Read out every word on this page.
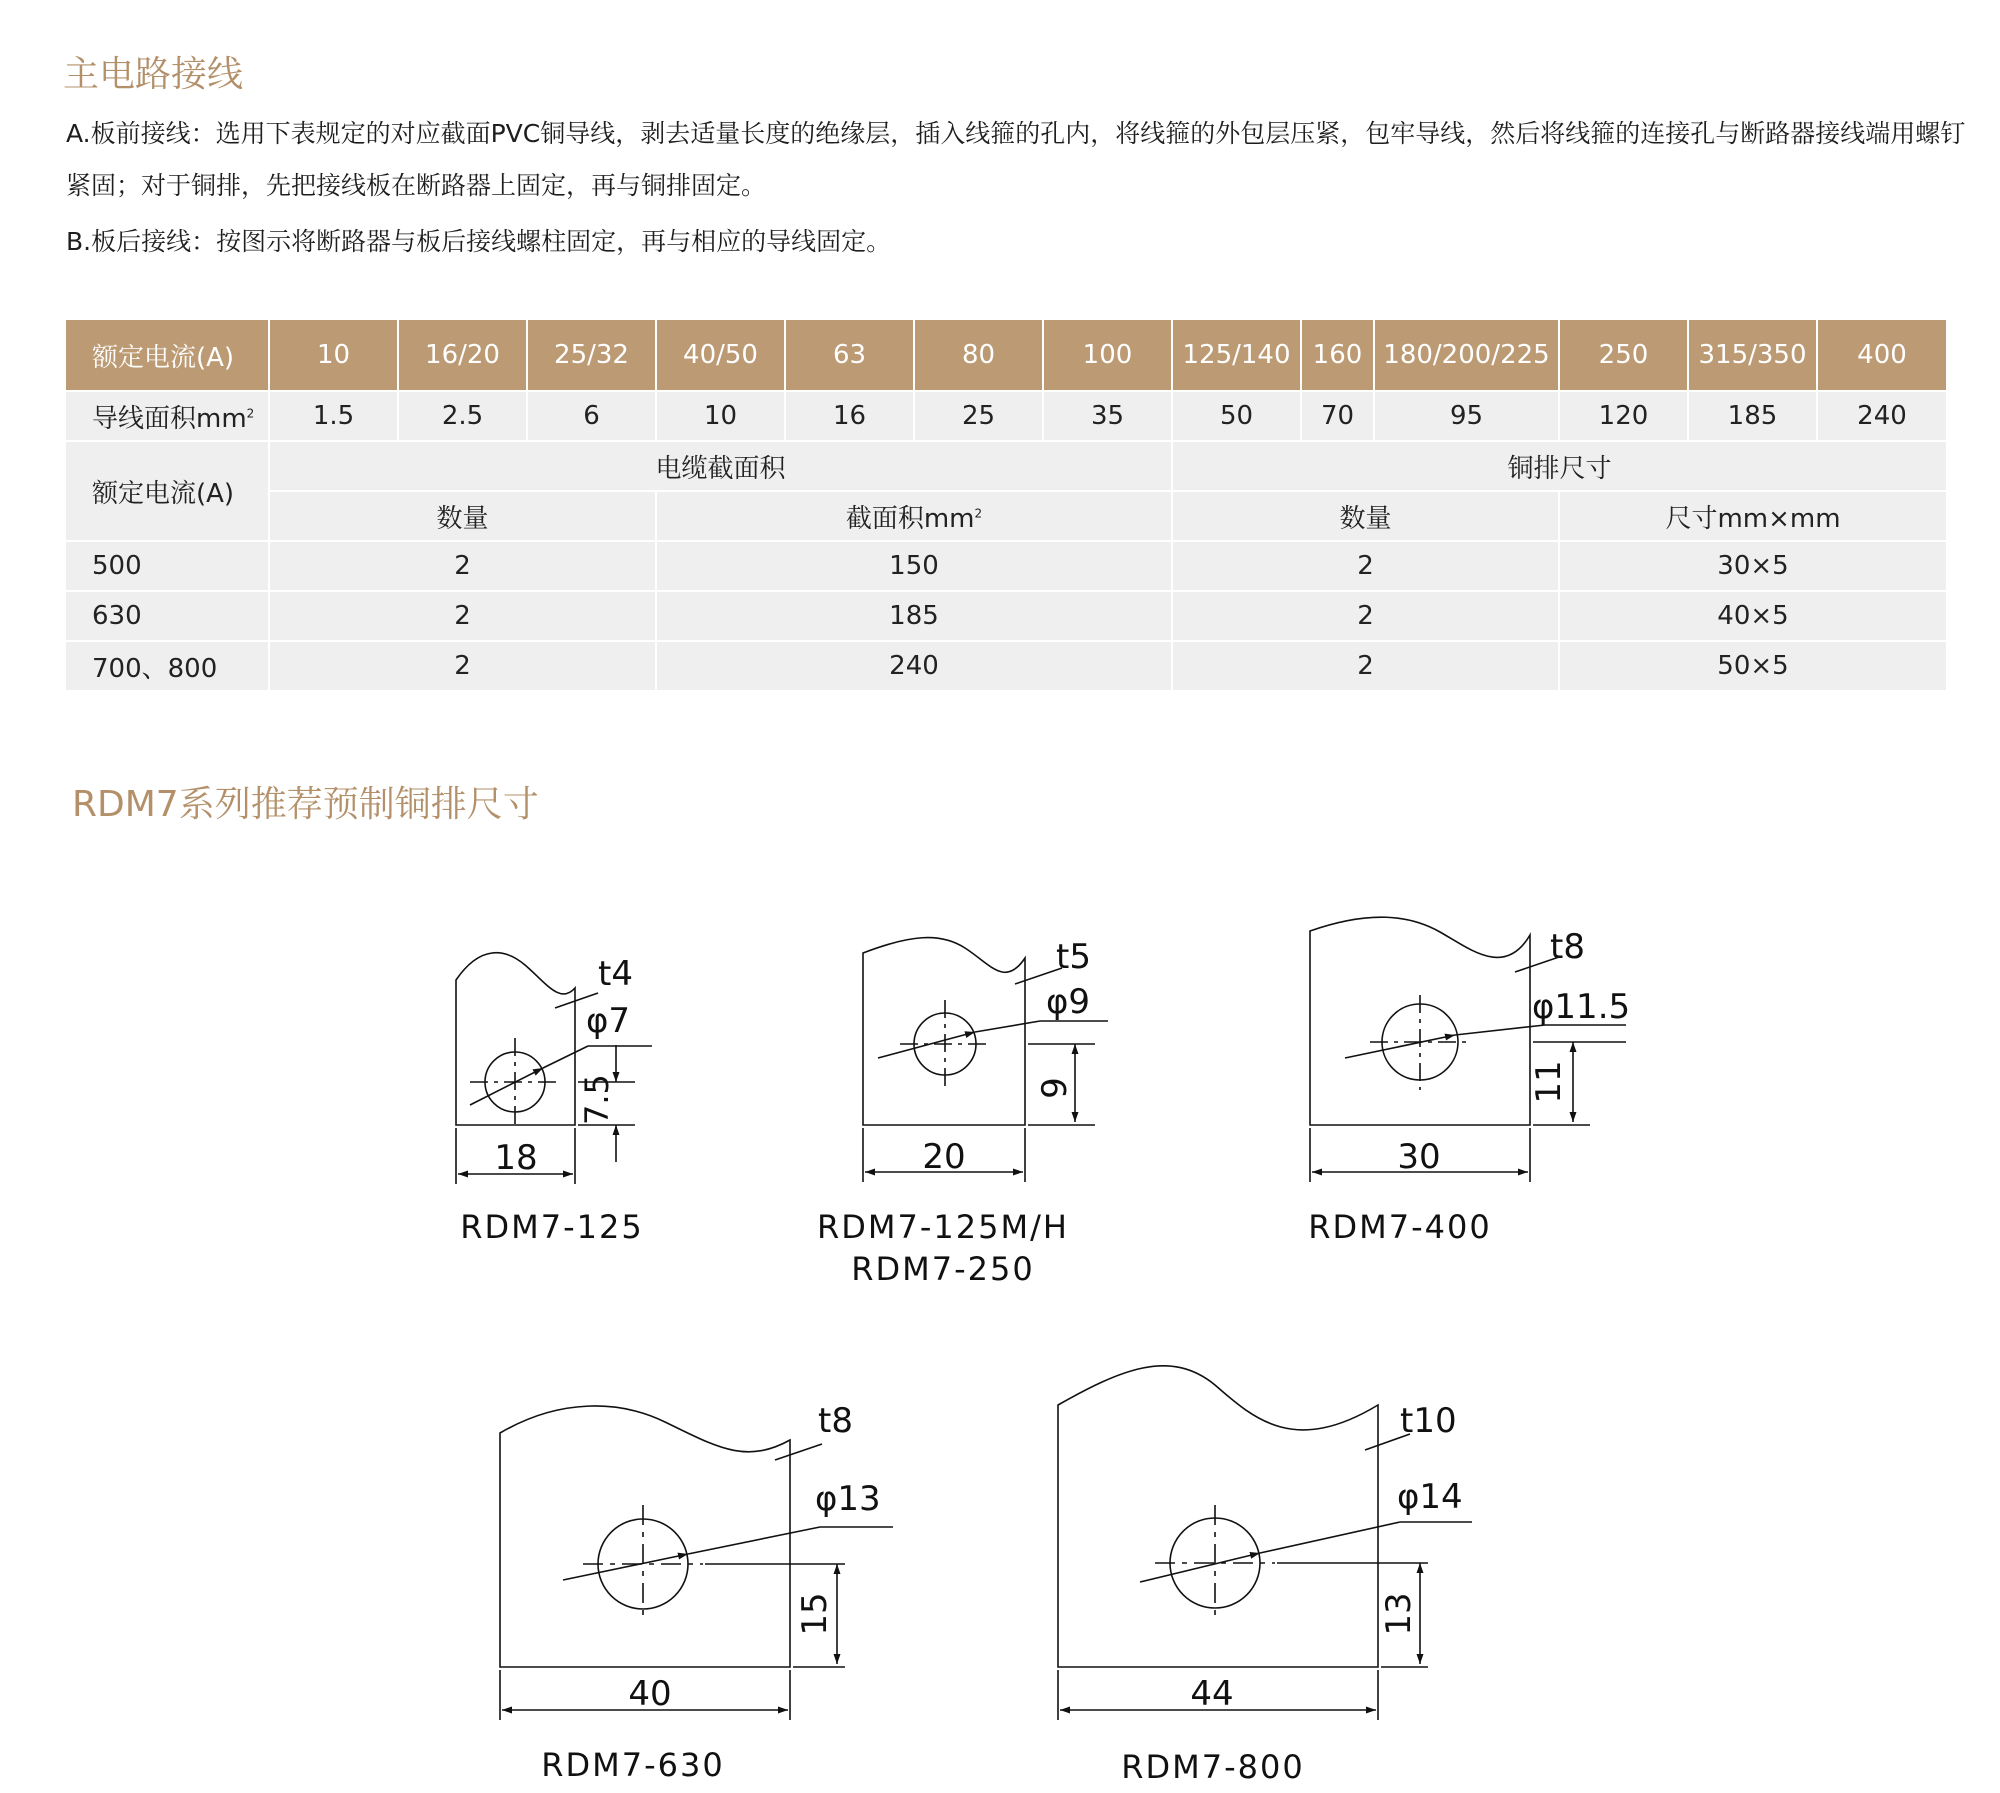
主电路接线

A.板前接线：选用下表规定的对应截面PVC铜导线，剥去适量长度的绝缘层，插入线箍的孔内，将线箍的外包层压紧，包牢导线，然后将线箍的连接孔与断路器接线端用螺钉紧固；对于铜排，先把接线板在断路器上固定，再与铜排固定。

B.板后接线：按图示将断路器与板后接线螺柱固定，再与相应的导线固定。

额定电流(A)	10	16/20	25/32	40/50	63	80	100	125/140	160	180/200/225	250	315/350	400
导线面积$mm^2$	1.5	2.5	6	10	16	25	35	50	70	95	120	185	240
额定电流(A)	电缆截面积							铜排尺寸					
	数量			截面积$mm^2$				数量			尺寸mm×mm		
500	2			150				2			30×5		
630	2			185				2			40×5		
700、800	2			240				2			50×5		
RDM7系列推荐预制铜排尺寸
t4
φ7
7.5
18
RDM7-125
t5
φ9
9
20
RDM7-125M/H
RDM7-250
t8
φ11.5
11
30
RDM7-400
t8
φ13
15
40
RDM7-630
t10
φ14
13
44
RDM7-800
